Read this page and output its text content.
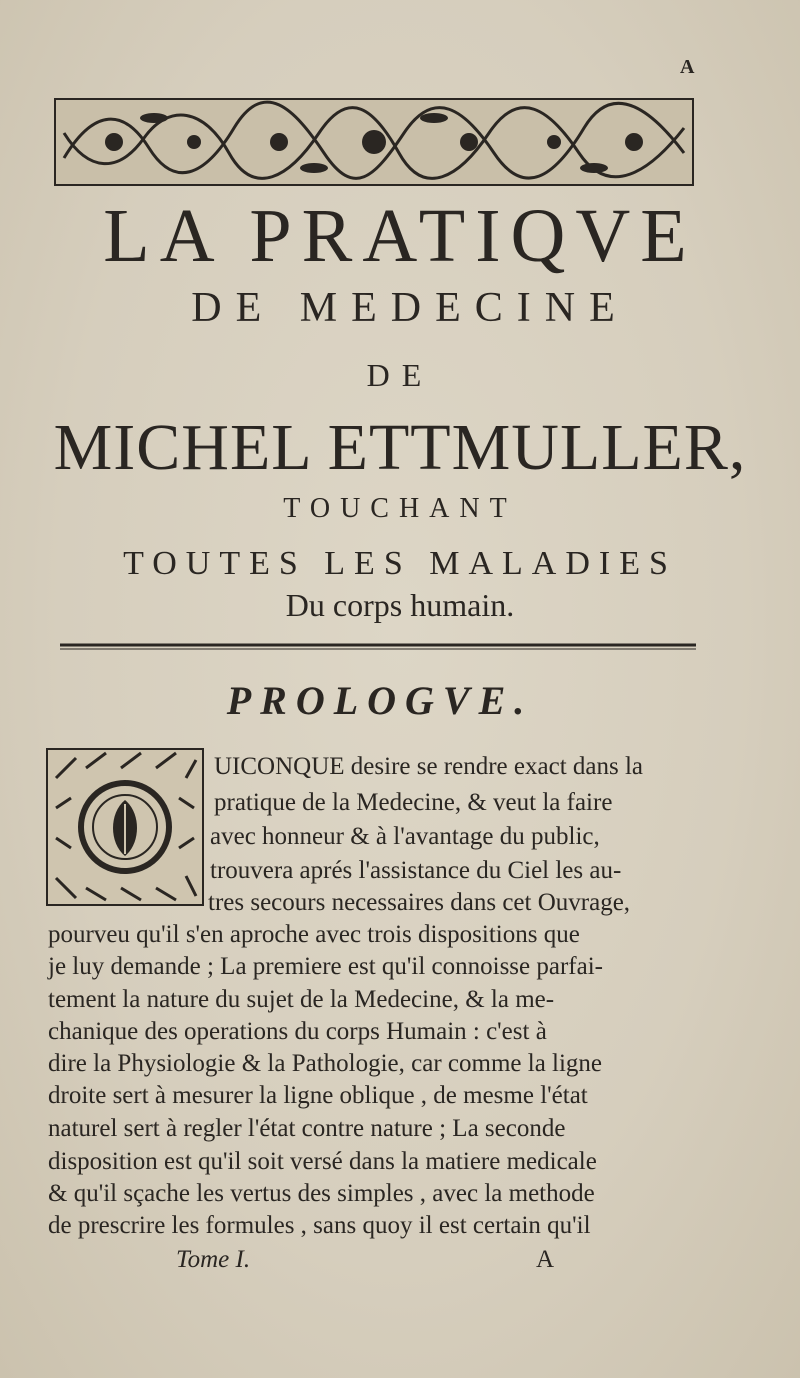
A
LA PRATIQVE
DE MEDECINE
DE
MICHEL ETTMULLER,
TOUCHANT
TOUTES LES MALADIES
Du corps humain.
PROLOGVE.
UICONQUE desire se rendre exact dans la
pratique de la Medecine, & veut la faire
avec honneur & à l'avantage du public,
trouvera aprés l'assistance du Ciel les au-
tres secours necessaires dans cet Ouvrage,
pourveu qu'il s'en aproche avec trois dispositions que
je luy demande ; La premiere est qu'il connoisse parfai-
tement la nature du sujet de la Medecine, & la me-
chanique des operations du corps Humain : c'est à
dire la Physiologie & la Pathologie, car comme la ligne
droite sert à mesurer la ligne oblique , de mesme l'état
naturel sert à regler l'état contre nature ; La seconde
disposition est qu'il soit versé dans la matiere medicale
& qu'il sçache les vertus des simples , avec la methode
de prescrire les formules , sans quoy il est certain qu'il
Tome I.	A
